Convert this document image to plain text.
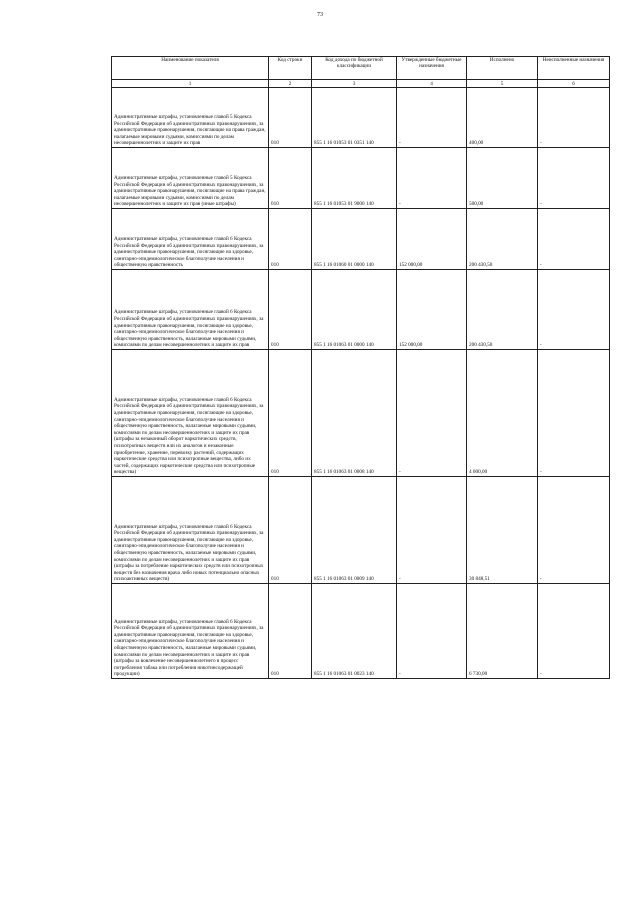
73
Наименование показателя	Код строки	Код дохода по бюджетной классификации	Утвержденные бюджетные назначения	Исполнено	Неисполненные назначения
1	2	3	4	5	6
Административные штрафы, установленные главой 5 Кодекса Российской Федерации об административных правонарушениях, за административные правонарушения, посягающие на права граждан, налагаемые мировыми судьями, комиссиями по делам несовершеннолетних и защите их прав	010	855 1 16 01053 01 0351 140	-	400,00	-
Административные штрафы, установленные главой 5 Кодекса Российской Федерации об административных правонарушениях, за административные правонарушения, посягающие на права граждан, налагаемые мировыми судьями, комиссиями по делам несовершеннолетних и защите их прав (иные штрафы)	010	855 1 16 01053 01 9000 140	-	500,00	-
Административные штрафы, установленные главой 6 Кодекса Российской Федерации об административных правонарушениях, за административные правонарушения, посягающие на здоровье, санитарно-эпидемиологическое благополучие населения и общественную нравственность	010	855 1 16 01060 01 0000 140	152 000,00	200 430,50	-
Административные штрафы, установленные главой 6 Кодекса Российской Федерации об административных правонарушениях, за административные правонарушения, посягающие на здоровье, санитарно-эпидемиологическое благополучие населения и общественную нравственность, налагаемые мировыми судьями, комиссиями по делам несовершеннолетних и защите их прав	010	855 1 16 01063 01 0000 140	152 000,00	200 430,50	-
Административные штрафы, установленные главой 6 Кодекса Российской Федерации об административных правонарушениях, за административные правонарушения, посягающие на здоровье, санитарно-эпидемиологическое благополучие населения и общественную нравственность, налагаемые мировыми судьями, комиссиями по делам несовершеннолетних и защите их прав (штрафы за незаконный оборот наркотических средств, психотропных веществ или их аналогов и незаконные приобретение, хранение, перевозку растений, содержащих наркотические средства или психотропные вещества, либо их частей, содержащих наркотические средства или психотропные вещества)	010	855 1 16 01063 01 0008 140	-	4 000,00	-
Административные штрафы, установленные главой 6 Кодекса Российской Федерации об административных правонарушениях, за административные правонарушения, посягающие на здоровье, санитарно-эпидемиологическое благополучие населения и общественную нравственность, налагаемые мировыми судьями, комиссиями по делам несовершеннолетних и защите их прав (штрафы за потребление наркотических средств или психотропных веществ без назначения врача либо новых потенциально опасных психоактивных веществ)	010	855 1 16 01063 01 0009 140	-	30 848,51	-
Административные штрафы, установленные главой 6 Кодекса Российской Федерации об административных правонарушениях, за административные правонарушения, посягающие на здоровье, санитарно-эпидемиологическое благополучие населения и общественную нравственность, налагаемые мировыми судьями, комиссиями по делам несовершеннолетних и защите их прав (штрафы за вовлечение несовершеннолетнего в процесс потребления табака или потребления никотинсодержащей продукции)	010	855 1 16 01063 01 0023 140	-	6 730,00	-
